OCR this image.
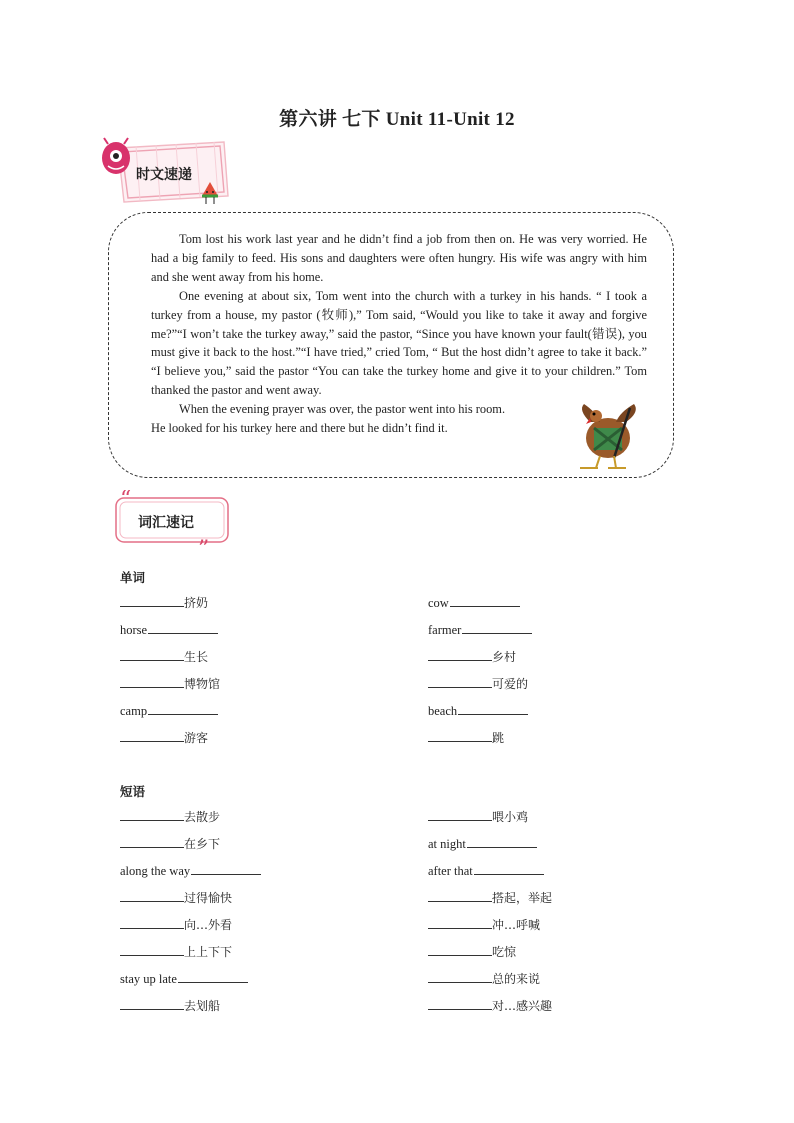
第六讲 七下 Unit 11-Unit 12
时文速递

Tom lost his work last year and he didn’t find a job from then on. He was very worried. He had a big family to feed. His sons and daughters were often hungry. His wife was angry with him and she went away from his home.

One evening at about six, Tom went into the church with a turkey in his hands. “ I took a turkey from a house, my pastor (牧师),” Tom said, “Would you like to take it away and forgive me?”“I won’t take the turkey away,” said the pastor, “Since you have known your fault(错误), you must give it back to the host.”“I have tried,” cried Tom, “ But the host didn’t agree to take it back.” “I believe you,” said the pastor “You can take the turkey home and give it to your children.” Tom thanked the pastor and went away.

When the evening prayer was over, the pastor went into his room.

He looked for his turkey here and there but he didn’t find it.

“
”
词汇速记
单词
挤奶	cow
horse	farmer
生长	乡村
博物馆	可爱的
camp	beach
游客	跳
短语
去散步	喂小鸡
在乡下	at night
along the way	after that
过得愉快	搭起，举起
向…外看	冲…呼喊
上上下下	吃惊
stay up late	总的来说
去划船	对…感兴趣
